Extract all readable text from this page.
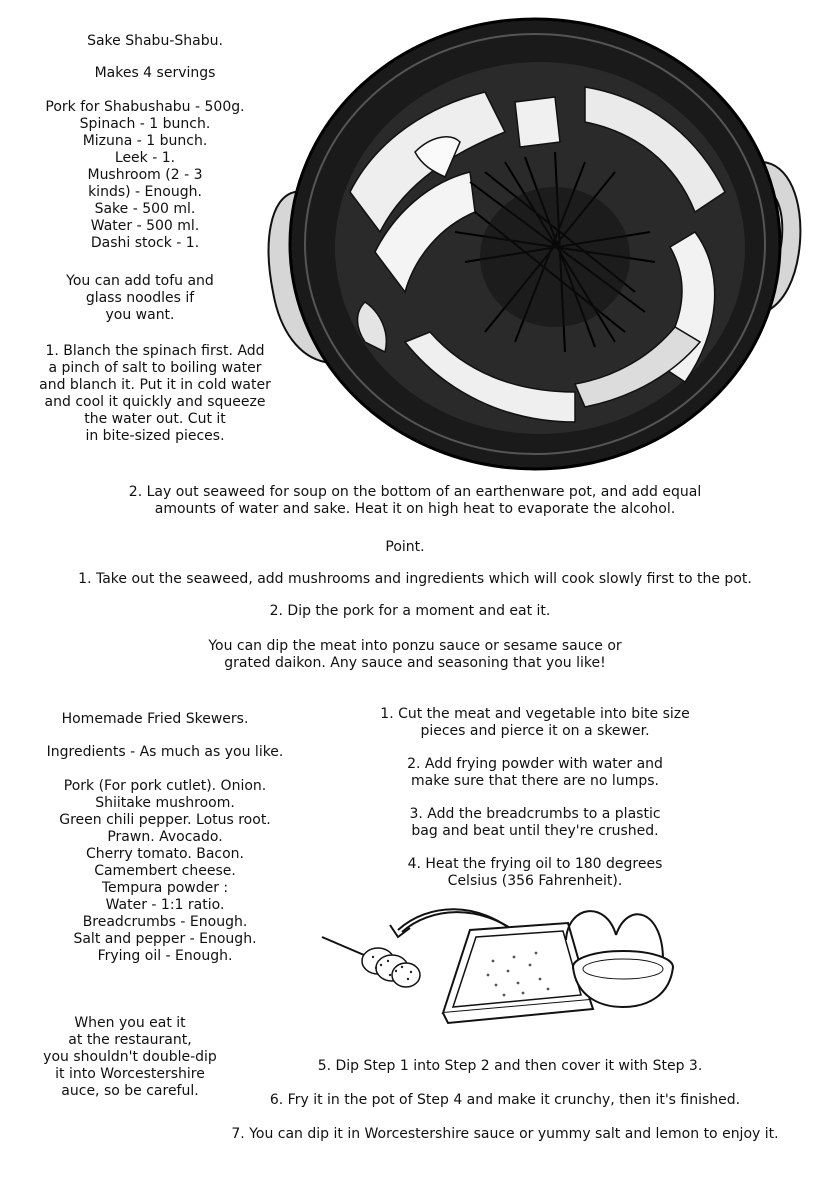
Sake Shabu-Shabu.
Makes 4 servings
Pork for Shabushabu - 500g.
Spinach - 1 bunch.
Mizuna - 1 bunch.
Leek - 1.
Mushroom (2 - 3
kinds) - Enough.
Sake - 500 ml.
Water - 500 ml.
Dashi stock - 1.
You can add tofu and
glass noodles if
you want.
1. Blanch the spinach first. Add
a pinch of salt to boiling water
and blanch it. Put it in cold water
and cool it quickly and squeeze
the water out. Cut it
in bite-sized pieces.
2. Lay out seaweed for soup on the bottom of an earthenware pot, and add equal
amounts of water and sake. Heat it on high heat to evaporate the alcohol.
Point.
1. Take out the seaweed, add mushrooms and ingredients which will cook slowly first to the pot.
2. Dip the pork for a moment and eat it.
You can dip the meat into ponzu sauce or sesame sauce or
grated daikon. Any sauce and seasoning that you like!
Homemade Fried Skewers.
Ingredients - As much as you like.
Pork (For pork cutlet). Onion.
Shiitake mushroom.
Green chili pepper. Lotus root.
Prawn. Avocado.
Cherry tomato. Bacon.
Camembert cheese.
Tempura powder :
Water - 1:1 ratio.
Breadcrumbs - Enough.
Salt and pepper - Enough.
Frying oil - Enough.
1. Cut the meat and vegetable into bite size
pieces and pierce it on a skewer.
2. Add frying powder with water and
make sure that there are no lumps.
3. Add the breadcrumbs to a plastic
bag and beat until they're crushed.
4. Heat the frying oil to 180 degrees
Celsius (356 Fahrenheit).
When you eat it
at the restaurant,
you shouldn't double-dip
it into Worcestershire
auce, so be careful.
5. Dip Step 1 into Step 2 and then cover it with Step 3.
6. Fry it in the pot of Step 4 and make it crunchy, then it's finished.
7. You can dip it in Worcestershire sauce or yummy salt and lemon to enjoy it.
